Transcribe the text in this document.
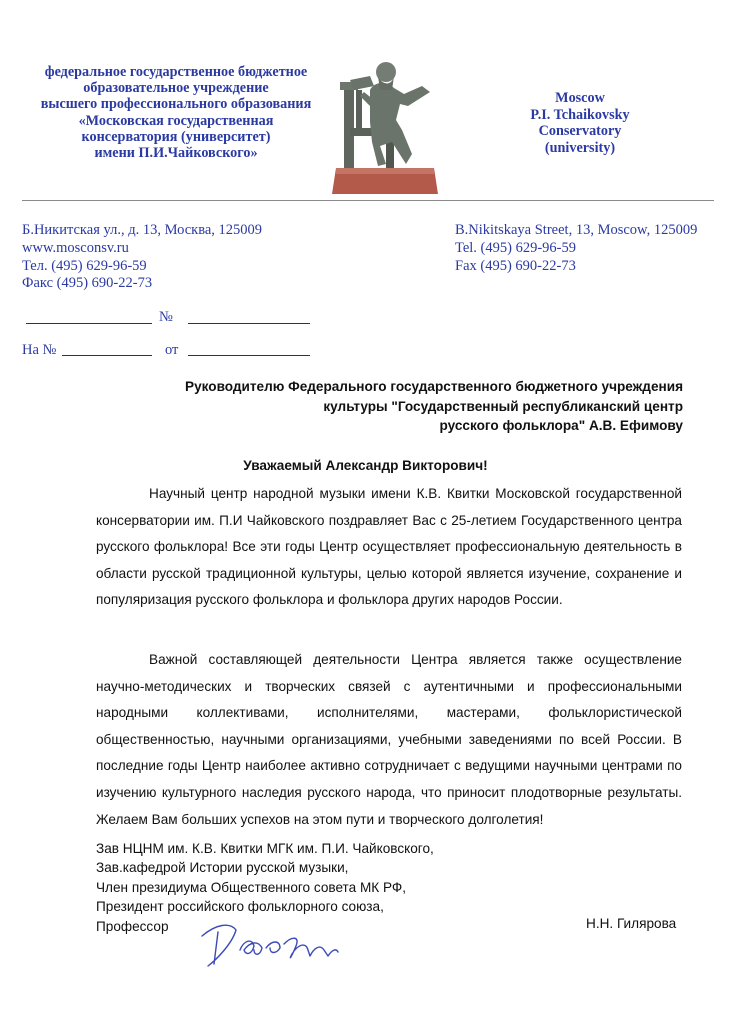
федеральное государственное бюджетное
образовательное учреждение
высшего профессионального образования
«Московская государственная
консерватория (университет)
имени П.И.Чайковского»
Moscow
P.I. Tchaikovsky
Conservatory
(university)
Б.Никитская ул., д. 13, Москва, 125009
www.mosconsv.ru
Тел. (495) 629-96-59
Факс (495) 690-22-73
B.Nikitskaya Street, 13, Moscow, 125009
Tel. (495) 629-96-59
Fax (495) 690-22-73
№
На №	от
Руководителю Федерального государственного бюджетного учреждения
культуры "Государственный республиканский центр
русского фольклора" А.В. Ефимову
Уважаемый Александр Викторович!

Научный центр народной музыки имени К.В. Квитки Московской государственной консерватории им. П.И Чайковского поздравляет Вас с 25-летием Государственного центра русского фольклора! Все эти годы Центр осуществляет профессиональную деятельность в области русской традиционной культуры, целью которой является изучение, сохранение и популяризация русского фольклора и фольклора других народов России.

Важной составляющей деятельности Центра является также осуществление научно-методических и творческих связей с аутентичными и профессиональными народными коллективами, исполнителями, мастерами, фольклористической общественностью, научными организациями, учебными заведениями по всей России. В последние годы Центр наиболее активно сотрудничает с ведущими научными центрами по изучению культурного наследия русского народа, что приносит плодотворные результаты. Желаем Вам больших успехов на этом пути и творческого долголетия!

Зав НЦНМ им. К.В. Квитки МГК им. П.И. Чайковского,
Зав.кафедрой Истории русской музыки,
Член президиума Общественного совета МК РФ,
Президент российского фольклорного союза,
Профессор	Н.Н. Гилярова
